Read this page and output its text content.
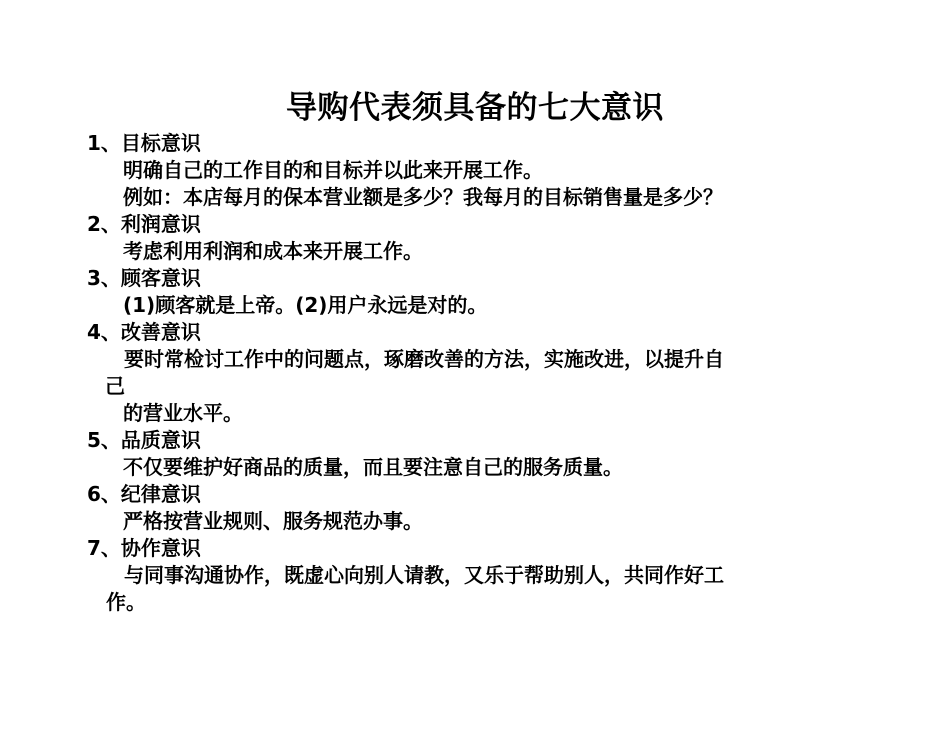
导购代表须具备的七大意识
1、目标意识
明确自己的工作目的和目标并以此来开展工作。
例如：本店每月的保本营业额是多少？我每月的目标销售量是多少？
2、利润意识
考虑利用利润和成本来开展工作。
3、顾客意识
(1)顾客就是上帝。(2)用户永远是对的。
4、改善意识
要时常检讨工作中的问题点，琢磨改善的方法，实施改进，以提升自
己
的营业水平。
5、品质意识
不仅要维护好商品的质量，而且要注意自己的服务质量。
6、纪律意识
严格按营业规则、服务规范办事。
7、协作意识
与同事沟通协作，既虚心向别人请教，又乐于帮助别人，共同作好工
作。
